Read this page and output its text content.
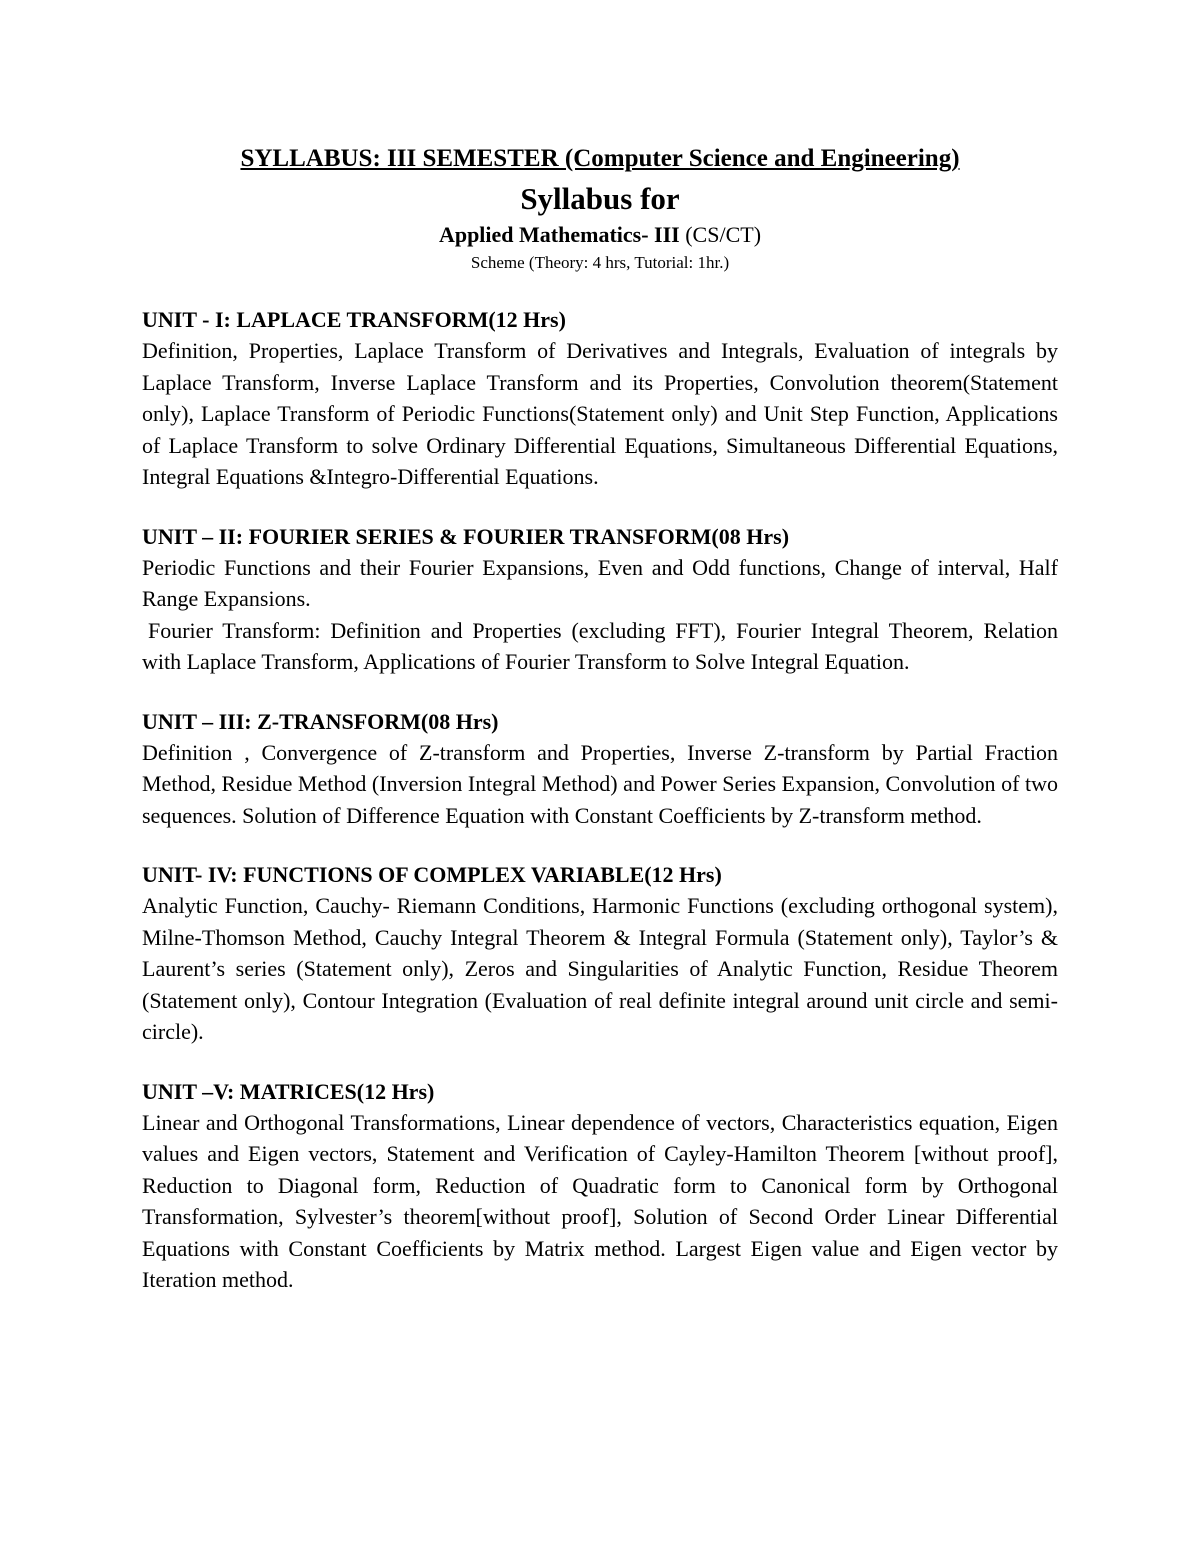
SYLLABUS: III SEMESTER (Computer Science and Engineering)
Syllabus for
Applied Mathematics- III (CS/CT)
Scheme (Theory: 4 hrs, Tutorial: 1hr.)
UNIT - I: LAPLACE TRANSFORM(12 Hrs)

Definition, Properties, Laplace Transform of Derivatives and Integrals, Evaluation of integrals by Laplace Transform, Inverse Laplace Transform and its Properties, Convolution theorem(Statement only), Laplace Transform of Periodic Functions(Statement only) and Unit Step Function, Applications of Laplace Transform to solve Ordinary Differential Equations, Simultaneous Differential Equations, Integral Equations &Integro-Differential Equations.

UNIT – II: FOURIER SERIES & FOURIER TRANSFORM(08 Hrs)

Periodic Functions and their Fourier Expansions, Even and Odd functions, Change of interval, Half Range Expansions.

Fourier Transform: Definition and Properties (excluding FFT), Fourier Integral Theorem, Relation with Laplace Transform, Applications of Fourier Transform to Solve Integral Equation.

UNIT – III: Z-TRANSFORM(08 Hrs)

Definition , Convergence of Z-transform and Properties, Inverse Z-transform by Partial Fraction Method, Residue Method (Inversion Integral Method) and Power Series Expansion, Convolution of two sequences. Solution of Difference Equation with Constant Coefficients by Z-transform method.

UNIT- IV: FUNCTIONS OF COMPLEX VARIABLE(12 Hrs)

Analytic Function, Cauchy- Riemann Conditions, Harmonic Functions (excluding orthogonal system), Milne-Thomson Method, Cauchy Integral Theorem & Integral Formula (Statement only), Taylor’s & Laurent’s series (Statement only), Zeros and Singularities of Analytic Function, Residue Theorem (Statement only), Contour Integration (Evaluation of real definite integral around unit circle and semi-circle).

UNIT –V: MATRICES(12 Hrs)

Linear and Orthogonal Transformations, Linear dependence of vectors, Characteristics equation, Eigen values and Eigen vectors, Statement and Verification of Cayley-Hamilton Theorem [without proof], Reduction to Diagonal form, Reduction of Quadratic form to Canonical form by Orthogonal Transformation, Sylvester’s theorem[without proof], Solution of Second Order Linear Differential Equations with Constant Coefficients by Matrix method. Largest Eigen value and Eigen vector by Iteration method.
